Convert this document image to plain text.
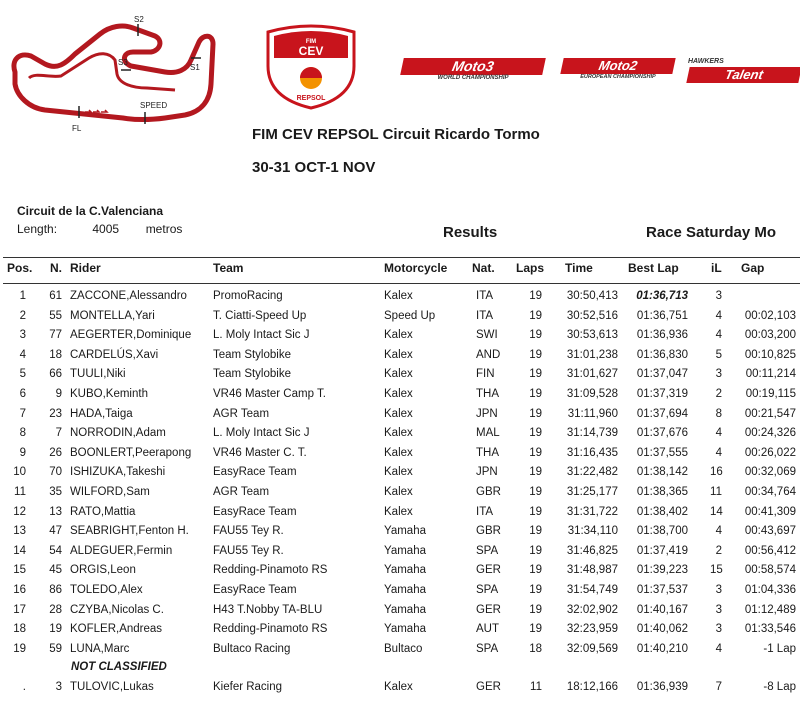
S2
S1
S3
SPEED
FL
FIM
CEV
REPSOL
Moto3
WORLD CHAMPIONSHIP
Moto2
EUROPEAN CHAMPIONSHIP
HAWKERS
Talent
FIM CEV REPSOL Circuit Ricardo Tormo
30-31 OCT-1 NOV
Circuit de la C.Valenciana
Length:	4005 metros	Results	Race Saturday Mo
Pos. N. Rider	Team	Motorcycle Nat. Laps Time	Best Lap	iL Gap
1	61 ZACCONE,Alessandro	PromoRacing	Kalex	ITA	19	30:50,413	01:36,713	3
2	55 MONTELLA,Yari	T. Ciatti-Speed Up	Speed Up	ITA	19	30:52,516	01:36,751	4	00:02,103
3	77 AEGERTER,Dominique	L. Moly Intact Sic J	Kalex	SWI	19	30:53,613	01:36,936	4	00:03,200
4	18 CARDELÚS,Xavi	Team Stylobike	Kalex	AND	19	31:01,238	01:36,830	5	00:10,825
5	66 TUULI,Niki	Team Stylobike	Kalex	FIN	19	31:01,627	01:37,047	3	00:11,214
6	9 KUBO,Keminth	VR46 Master Camp T.	Kalex	THA	19	31:09,528	01:37,319	2	00:19,115
7	23 HADA,Taiga	AGR Team	Kalex	JPN	19	31:11,960	01:37,694	8	00:21,547
8	7 NORRODIN,Adam	L. Moly Intact Sic J	Kalex	MAL	19	31:14,739	01:37,676	4	00:24,326
9	26 BOONLERT,Peerapong	VR46 Master C. T.	Kalex	THA	19	31:16,435	01:37,555	4	00:26,022
10	70 ISHIZUKA,Takeshi	EasyRace Team	Kalex	JPN	19	31:22,482	01:38,142 16	00:32,069
11	35 WILFORD,Sam	AGR Team	Kalex	GBR	19	31:25,177	01:38,365 11	00:34,764
12	13 RATO,Mattia	EasyRace Team	Kalex	ITA	19	31:31,722	01:38,402 14	00:41,309
13	47 SEABRIGHT,Fenton H.	FAU55 Tey R.	Yamaha	GBR	19	31:34,110	01:38,700	4	00:43,697
14	54 ALDEGUER,Fermin	FAU55 Tey R.	Yamaha	SPA	19	31:46,825	01:37,419	2	00:56,412
15	45 ORGIS,Leon	Redding-Pinamoto RS	Yamaha	GER	19	31:48,987	01:39,223 15	00:58,574
16	86 TOLEDO,Alex	EasyRace Team	Yamaha	SPA	19	31:54,749	01:37,537	3	01:04,336
17	28 CZYBA,Nicolas C.	H43 T.Nobby TA-BLU	Yamaha	GER	19	32:02,902	01:40,167	3	01:12,489
18	19 KOFLER,Andreas	Redding-Pinamoto RS	Yamaha	AUT	19	32:23,959	01:40,062	3	01:33,546
19	59 LUNA,Marc	Bultaco Racing	Bultaco	SPA	18	32:09,569	01:40,210	4	-1 Lap
NOT CLASSIFIED
.	3 TULOVIC,Lukas	Kiefer Racing	Kalex	GER	11	18:12,166	01:36,939	7	-8 Lap
